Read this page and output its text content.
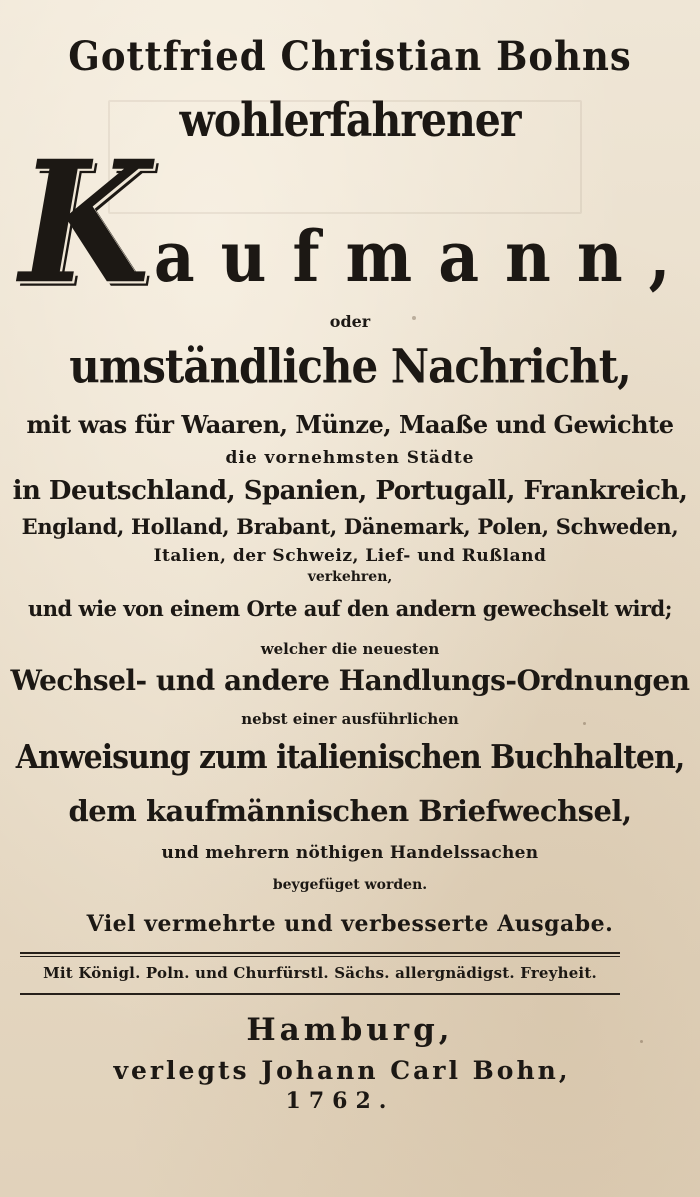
Gottfried Christian Bohns
wohlerfahrener
Kaufmann,
oder
umständliche Nachricht,
mit was für Waaren, Münze, Maaße und Gewichte
die vornehmsten Städte
in Deutschland, Spanien, Portugall, Frankreich,
England, Holland, Brabant, Dänemark, Polen, Schweden,
Italien, der Schweiz, Lief- und Rußland
verkehren,
und wie von einem Orte auf den andern gewechselt wird;
welcher die neuesten
Wechsel- und andere Handlungs-Ordnungen
nebst einer ausführlichen
Anweisung zum italienischen Buchhalten,
dem kaufmännischen Briefwechsel,
und mehrern nöthigen Handelssachen
beygefüget worden.
Viel vermehrte und verbesserte Ausgabe.
Mit Königl. Poln. und Churfürstl. Sächs. allergnädigst. Freyheit.
Hamburg,
verlegts Johann Carl Bohn,
1762.
